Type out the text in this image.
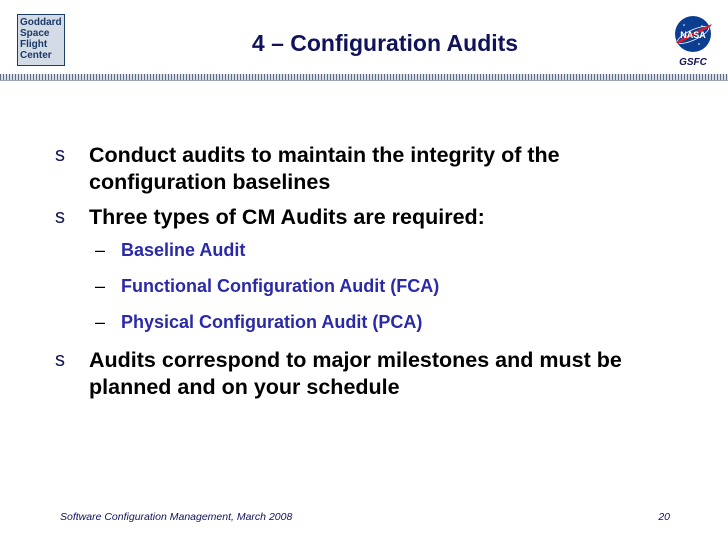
Goddard
Space
Flight
Center	4 – Configuration Audits	NASA
GSFC
s Conduct audits to maintain the integrity of the configuration baselines
s Three types of CM Audits are required:
– Baseline Audit
– Functional Configuration Audit (FCA)
– Physical Configuration Audit (PCA)
s Audits correspond to major milestones and must be planned and on your schedule
Software Configuration Management, March 2008	20
